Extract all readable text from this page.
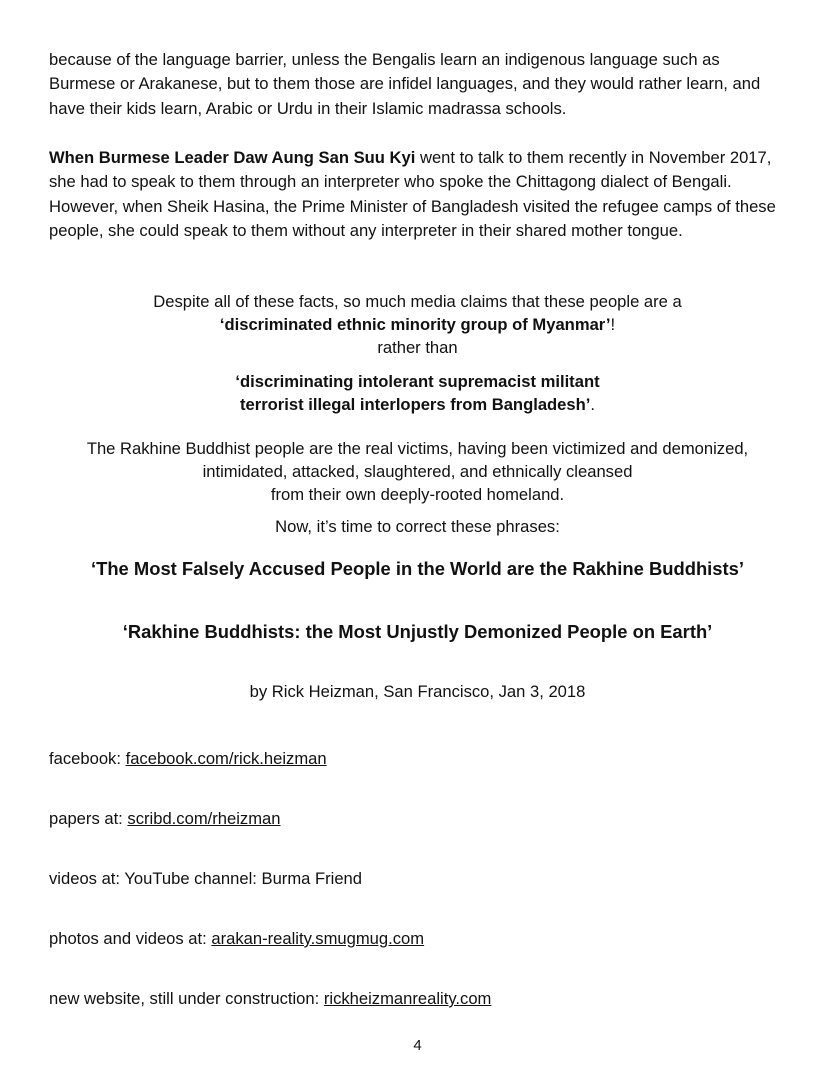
because of the language barrier, unless the Bengalis learn an indigenous language such as Burmese or Arakanese, but to them those are infidel languages, and they would rather learn, and have their kids learn, Arabic or Urdu in their Islamic madrassa schools.

When Burmese Leader Daw Aung San Suu Kyi went to talk to them recently in November 2017, she had to speak to them through an interpreter who spoke the Chittagong dialect of Bengali. However, when Sheik Hasina, the Prime Minister of Bangladesh visited the refugee camps of these people, she could speak to them without any interpreter in their shared mother tongue.

Despite all of these facts, so much media claims that these people are a
‘discriminated ethnic minority group of Myanmar’!
rather than
‘discriminating intolerant supremacist militant
terrorist illegal interlopers from Bangladesh’.
The Rakhine Buddhist people are the real victims, having been victimized and demonized,
intimidated, attacked, slaughtered, and ethnically cleansed
from their own deeply-rooted homeland.
Now, it’s time to correct these phrases:
‘The Most Falsely Accused People in the World are the Rakhine Buddhists’
‘Rakhine Buddhists: the Most Unjustly Demonized People on Earth’
by Rick Heizman, San Francisco, Jan 3, 2018

facebook: facebook.com/rick.heizman

papers at: scribd.com/rheizman

videos at: YouTube channel: Burma Friend

photos and videos at: arakan-reality.smugmug.com

new website, still under construction: rickheizmanreality.com

4
